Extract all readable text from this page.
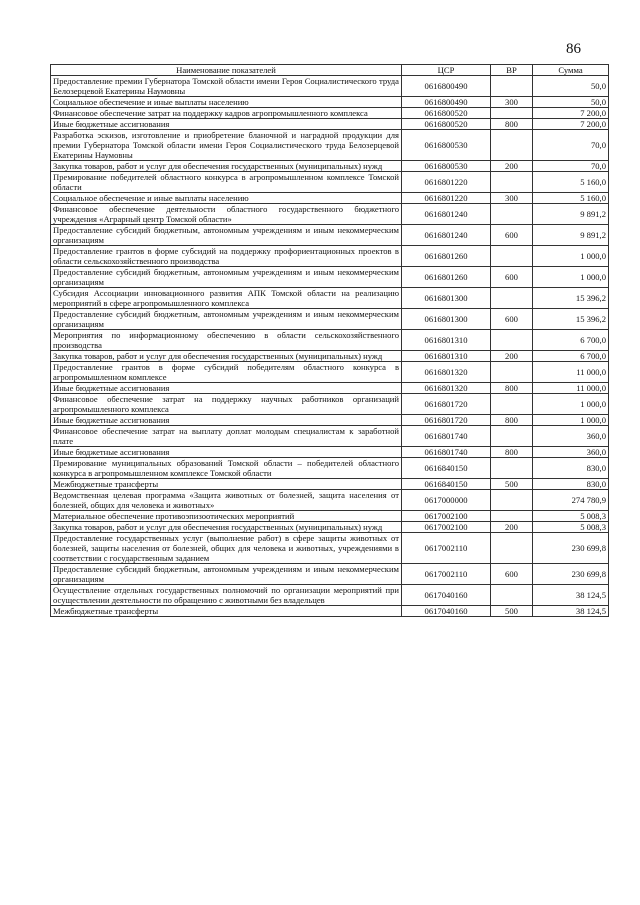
86
Наименование показателей	ЦСР	ВР	Сумма
Предоставление премии Губернатора Томской области имени Героя Социалистического труда Белозерцевой Екатерины Наумовны	0616800490		50,0
Социальное обеспечение и иные выплаты населению	0616800490	300	50,0
Финансовое обеспечение затрат на поддержку кадров агропромышленного комплекса	0616800520		7 200,0
Иные бюджетные ассигнования	0616800520	800	7 200,0
Разработка эскизов, изготовление и приобретение бланочной и наградной продукции для премии Губернатора Томской области имени Героя Социалистического труда Белозерцевой Екатерины Наумовны	0616800530		70,0
Закупка товаров, работ и услуг для обеспечения государственных (муниципальных) нужд	0616800530	200	70,0
Премирование победителей областного конкурса в агропромышленном комплексе Томской области	0616801220		5 160,0
Социальное обеспечение и иные выплаты населению	0616801220	300	5 160,0
Финансовое обеспечение деятельности областного государственного бюджетного учреждения «Аграрный центр Томской области»	0616801240		9 891,2
Предоставление субсидий бюджетным, автономным учреждениям и иным некоммерческим организациям	0616801240	600	9 891,2
Предоставление грантов в форме субсидий на поддержку профориентационных проектов в области сельскохозяйственного производства	0616801260		1 000,0
Предоставление субсидий бюджетным, автономным учреждениям и иным некоммерческим организациям	0616801260	600	1 000,0
Субсидия Ассоциации инновационного развития АПК Томской области на реализацию мероприятий в сфере агропромышленного комплекса	0616801300		15 396,2
Предоставление субсидий бюджетным, автономным учреждениям и иным некоммерческим организациям	0616801300	600	15 396,2
Мероприятия по информационному обеспечению в области сельскохозяйственного производства	0616801310		6 700,0
Закупка товаров, работ и услуг для обеспечения государственных (муниципальных) нужд	0616801310	200	6 700,0
Предоставление грантов в форме субсидий победителям областного конкурса в агропромышленном комплексе	0616801320		11 000,0
Иные бюджетные ассигнования	0616801320	800	11 000,0
Финансовое обеспечение затрат на поддержку научных работников организаций агропромышленного комплекса	0616801720		1 000,0
Иные бюджетные ассигнования	0616801720	800	1 000,0
Финансовое обеспечение затрат на выплату доплат молодым специалистам к заработной плате	0616801740		360,0
Иные бюджетные ассигнования	0616801740	800	360,0
Премирование муниципальных образований Томской области – победителей областного конкурса в агропромышленном комплексе Томской области	0616840150		830,0
Межбюджетные трансферты	0616840150	500	830,0
Ведомственная целевая программа «Защита животных от болезней, защита населения от болезней, общих для человека и животных»	0617000000		274 780,9
Материальное обеспечение противоэпизоотических мероприятий	0617002100		5 008,3
Закупка товаров, работ и услуг для обеспечения государственных (муниципальных) нужд	0617002100	200	5 008,3
Предоставление государственных услуг (выполнение работ) в сфере защиты животных от болезней, защиты населения от болезней, общих для человека и животных, учреждениями в соответствии с государственным заданием	0617002110		230 699,8
Предоставление субсидий бюджетным, автономным учреждениям и иным некоммерческим организациям	0617002110	600	230 699,8
Осуществление отдельных государственных полномочий по организации мероприятий при осуществлении деятельности по обращению с животными без владельцев	0617040160		38 124,5
Межбюджетные трансферты	0617040160	500	38 124,5
